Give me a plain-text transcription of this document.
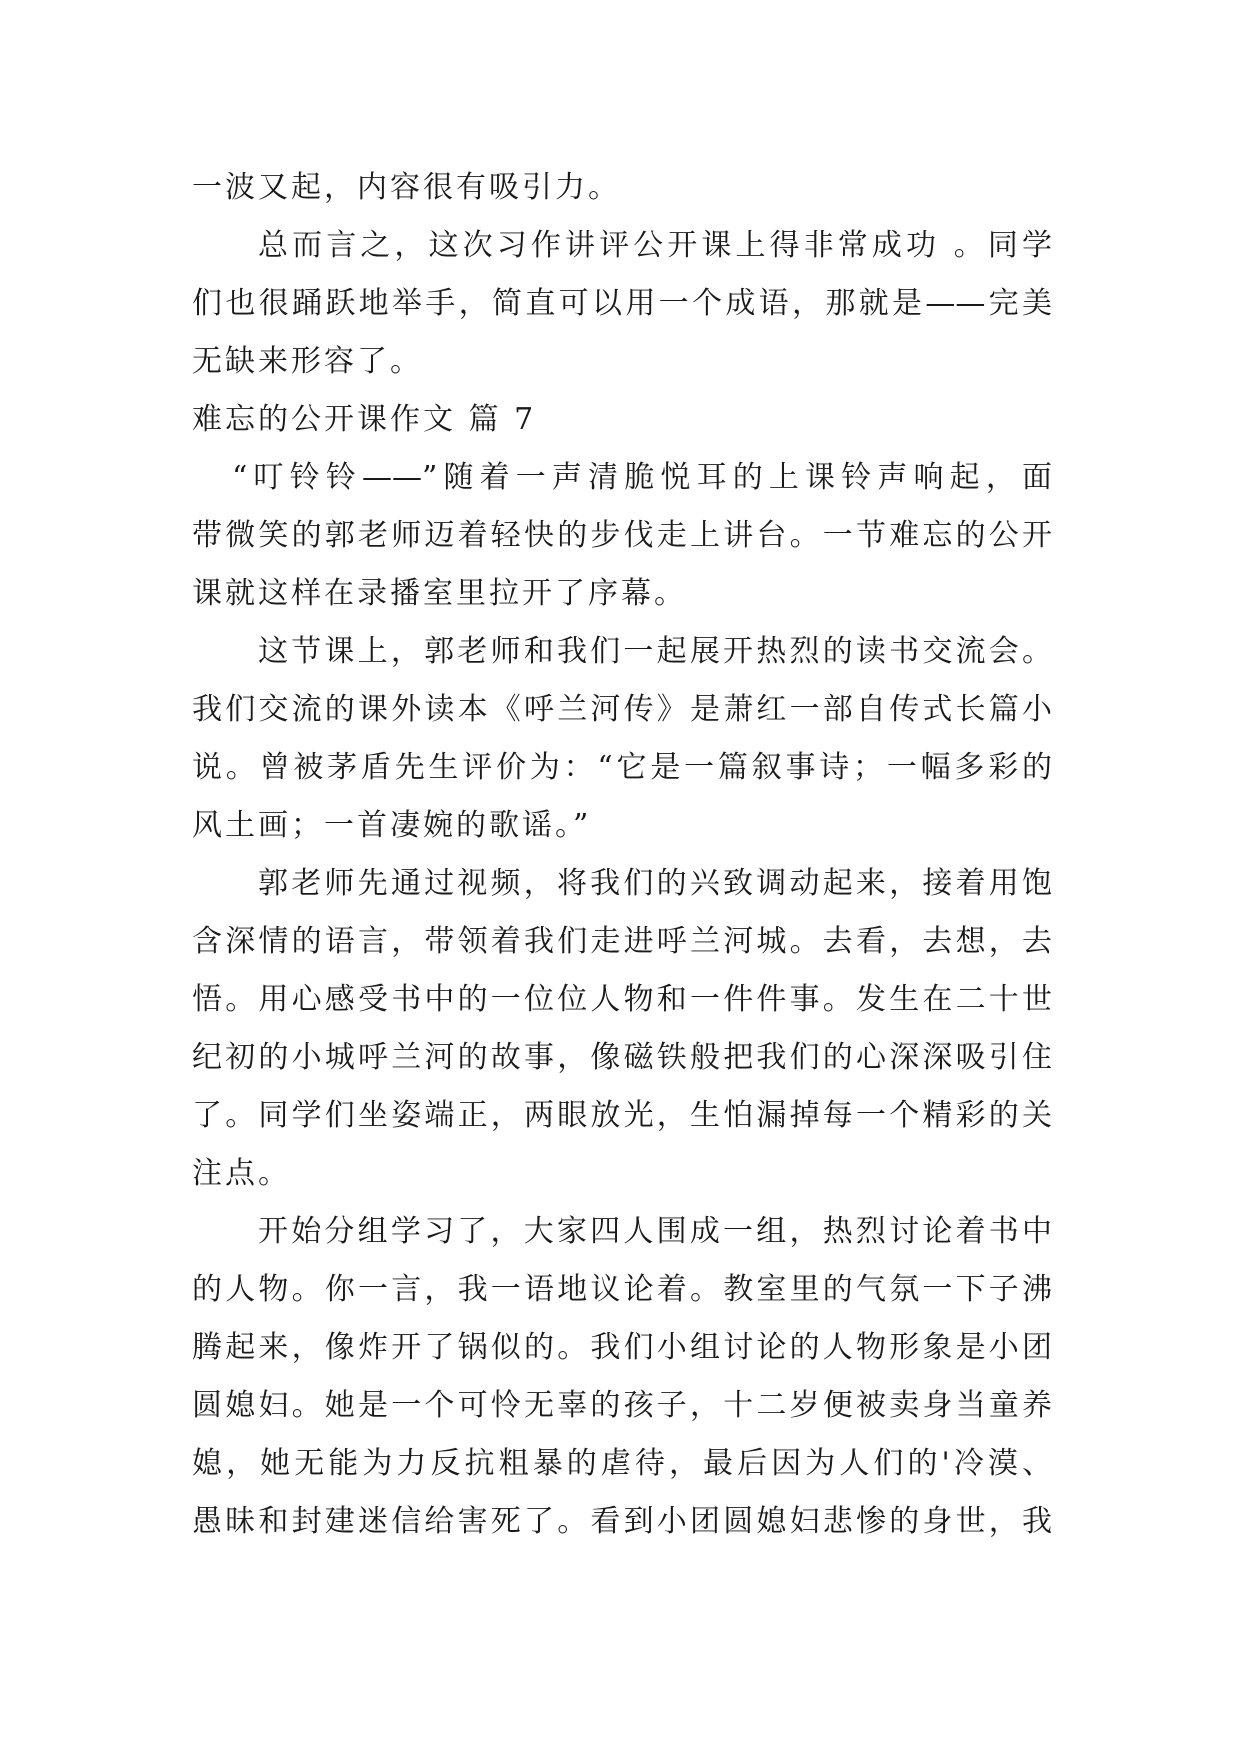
一波又起，内容很有吸引力。
总而言之，这次习作讲评公开课上得非常成功 。同学
们也很踊跃地举手，简直可以用一个成语，那就是——完美
无缺来形容了。
难忘的公开课作文 篇 7
“叮铃铃——”随着一声清脆悦耳的上课铃声响起，面
带微笑的郭老师迈着轻快的步伐走上讲台。一节难忘的公开
课就这样在录播室里拉开了序幕。
这节课上，郭老师和我们一起展开热烈的读书交流会。
我们交流的课外读本《呼兰河传》是萧红一部自传式长篇小
说。曾被茅盾先生评价为：“它是一篇叙事诗；一幅多彩的
风土画；一首凄婉的歌谣。”
郭老师先通过视频，将我们的兴致调动起来，接着用饱
含深情的语言，带领着我们走进呼兰河城。去看，去想，去
悟。用心感受书中的一位位人物和一件件事。发生在二十世
纪初的小城呼兰河的故事，像磁铁般把我们的心深深吸引住
了。同学们坐姿端正，两眼放光，生怕漏掉每一个精彩的关
注点。
开始分组学习了，大家四人围成一组，热烈讨论着书中
的人物。你一言，我一语地议论着。教室里的气氛一下子沸
腾起来，像炸开了锅似的。我们小组讨论的人物形象是小团
圆媳妇。她是一个可怜无辜的孩子，十二岁便被卖身当童养
媳，她无能为力反抗粗暴的虐待，最后因为人们的'冷漠、
愚昧和封建迷信给害死了。看到小团圆媳妇悲惨的身世，我
